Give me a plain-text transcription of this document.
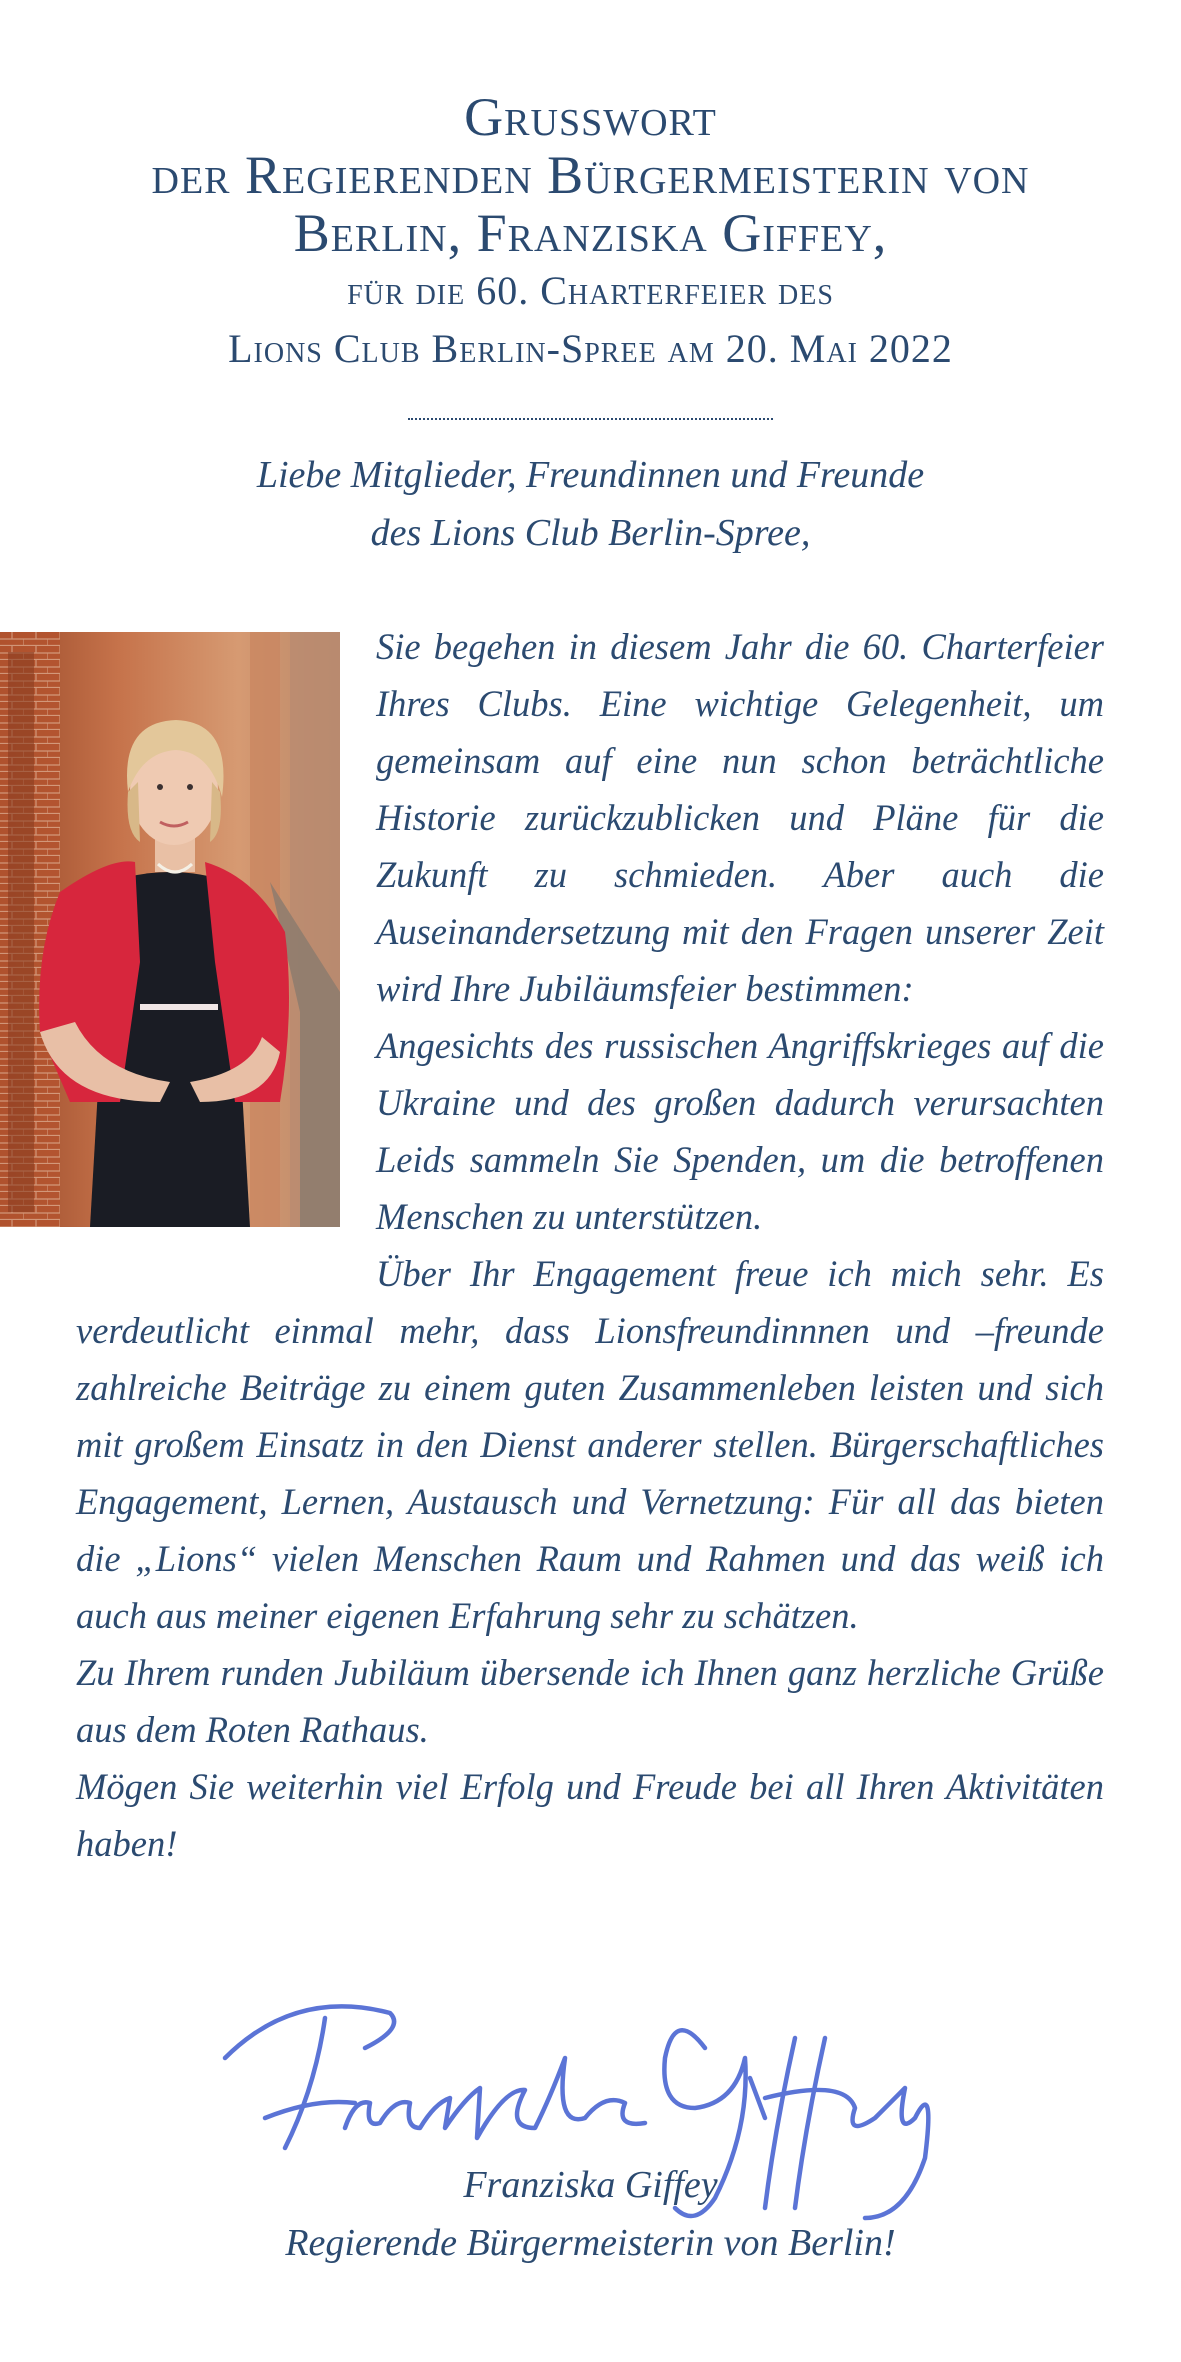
Grusswort
der Regierenden Bürgermeisterin von
Berlin, Franziska Giffey,
für die 60. Charterfeier des
Lions Club Berlin-Spree am 20. Mai 2022
Liebe Mitglieder, Freundinnen und Freunde
des Lions Club Berlin-Spree,

Sie begehen in diesem Jahr die 60. Charterfeier Ihres Clubs. Eine wichtige Gelegenheit, um gemeinsam auf eine nun schon beträchtliche Historie zurückzublicken und Pläne für die Zukunft zu schmieden. Aber auch die Auseinandersetzung mit den Fragen unserer Zeit wird Ihre Jubiläumsfeier bestimmen:

Angesichts des russischen Angriffskrieges auf die Ukraine und des großen dadurch verursachten Leids sammeln Sie Spenden, um die betroffenen Menschen zu unterstützen.

Über Ihr Engagement freue ich mich sehr. Es verdeutlicht einmal mehr, dass Lionsfreundinnnen und –freunde zahlreiche Beiträge zu einem guten Zusammenleben leisten und sich mit großem Einsatz in den Dienst anderer stellen. Bürgerschaftliches Engagement, Lernen, Austausch und Vernetzung: Für all das bieten die „Lions“ vielen Menschen Raum und Rahmen und das weiß ich auch aus meiner eigenen Erfahrung sehr zu schätzen.

Zu Ihrem runden Jubiläum übersende ich Ihnen ganz herzliche Grüße aus dem Roten Rathaus.

Mögen Sie weiterhin viel Erfolg und Freude bei all Ihren Aktivitäten haben!

Franziska Giffey
Regierende Bürgermeisterin von Berlin!
